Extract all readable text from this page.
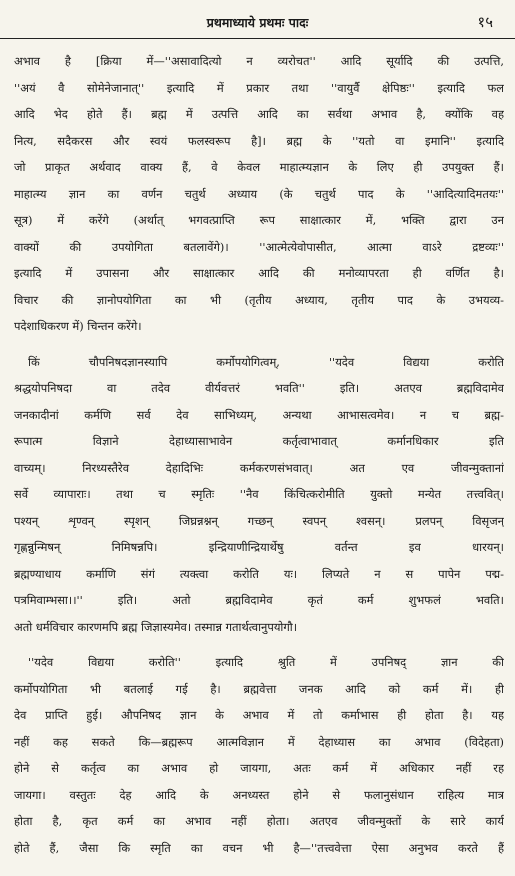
प्रथमाध्याये प्रथमः पादः	१५
अभाव है [क्रिया में—''असावादित्यो न व्यरोचत'' आदि सूर्यादि की उत्पत्ति,
''अयं वै सोमेनेजानात्'' इत्यादि में प्रकार तथा ''वायुर्वै क्षेपिष्ठः'' इत्यादि फल
आदि भेद होते हैं। ब्रह्म में उत्पत्ति आदि का सर्वथा अभाव है, क्योंकि वह
नित्य, सदैकरस और स्वयं फलस्वरूप है]। ब्रह्म के ''यतो वा इमानि'' इत्यादि
जो प्राकृत अर्थवाद वाक्य हैं, वे केवल माहात्म्यज्ञान के लिए ही उपयुक्त हैं।
माहात्म्य ज्ञान का वर्णन चतुर्थ अध्याय (के चतुर्थ पाद के ''आदित्यादिमतयः''
सूत्र) में करेंगे (अर्थात् भगवत्प्राप्ति रूप साक्षात्कार में, भक्ति द्वारा उन
वाक्यों की उपयोगिता बतलावेंगे)। ''आत्मेत्येवोपासीत, आत्मा वाऽरे द्रष्टव्यः''
इत्यादि में उपासना और साक्षात्कार आदि की मनोव्यापरता ही वर्णित है।
विचार की ज्ञानोपयोगिता का भी (तृतीय अध्याय, तृतीय पाद के उभयव्य-
पदेशाधिकरण में) चिन्तन करेंगे।
किं चौपनिषदज्ञानस्यापि कर्मोपयोगित्वम्, ''यदेव विद्यया करोति
श्रद्धयोपनिषदा वा तदेव वीर्यवत्तरं भवति'' इति। अतएव ब्रह्मविदामेव
जनकादीनां कर्मणि सर्व देव साभिध्यम्, अन्यथा आभासत्वमेव। न च ब्रह्म-
रूपात्म विज्ञाने देहाध्यासाभावेन कर्तृत्वाभावात् कर्मानधिकार इति
वाच्यम्। निरध्यस्तैरेव देहादिभिः कर्मकरणसंभवात्। अत एव जीवन्मुक्तानां
सर्वे व्यापाराः। तथा च स्मृतिः ''नैव किंचित्करोमीति युक्तो मन्येत तत्त्ववित्।
पश्यन् शृण्वन् स्पृशन् जिघ्रन्नश्नन् गच्छन् स्वपन् श्वसन्। प्रलपन् विसृजन्
गृह्णन्नुन्मिषन् निमिषन्नपि। इन्द्रियाणीन्द्रियार्थेषु वर्तन्त इव धारयन्।
ब्रह्मण्याधाय कर्माणि संगं त्यक्त्वा करोति यः। लिप्यते न स पापेन पद्म-
पत्रमिवाम्भसा।।'' इति। अतो ब्रह्मविदामेव कृतं कर्म शुभफलं भवति।
अतो धर्मविचार कारणमपि ब्रह्म जिज्ञास्यमेव। तस्मान्न गतार्थत्वानुपयोगौ।
''यदेव विद्यया करोति'' इत्यादि श्रुति में उपनिषद् ज्ञान की
कर्मोपयोगिता भी बतलाई गई है। ब्रह्मवेत्ता जनक आदि को कर्म में। ही
देव प्राप्ति हुई। औपनिषद ज्ञान के अभाव में तो कर्माभास ही होता है। यह
नहीं कह सकते कि—ब्रह्मरूप आत्मविज्ञान में देहाध्यास का अभाव (विदेहता)
होने से कर्तृत्व का अभाव हो जायगा, अतः कर्म में अधिकार नहीं रह
जायगा। वस्तुतः देह आदि के अनध्यस्त होने से फलानुसंधान राहित्य मात्र
होता है, कृत कर्म का अभाव नहीं होता। अतएव जीवन्मुक्तों के सारे कार्य
होते हैं, जैसा कि स्मृति का वचन भी है—''तत्त्ववेत्ता ऐसा अनुभव करते हैं
